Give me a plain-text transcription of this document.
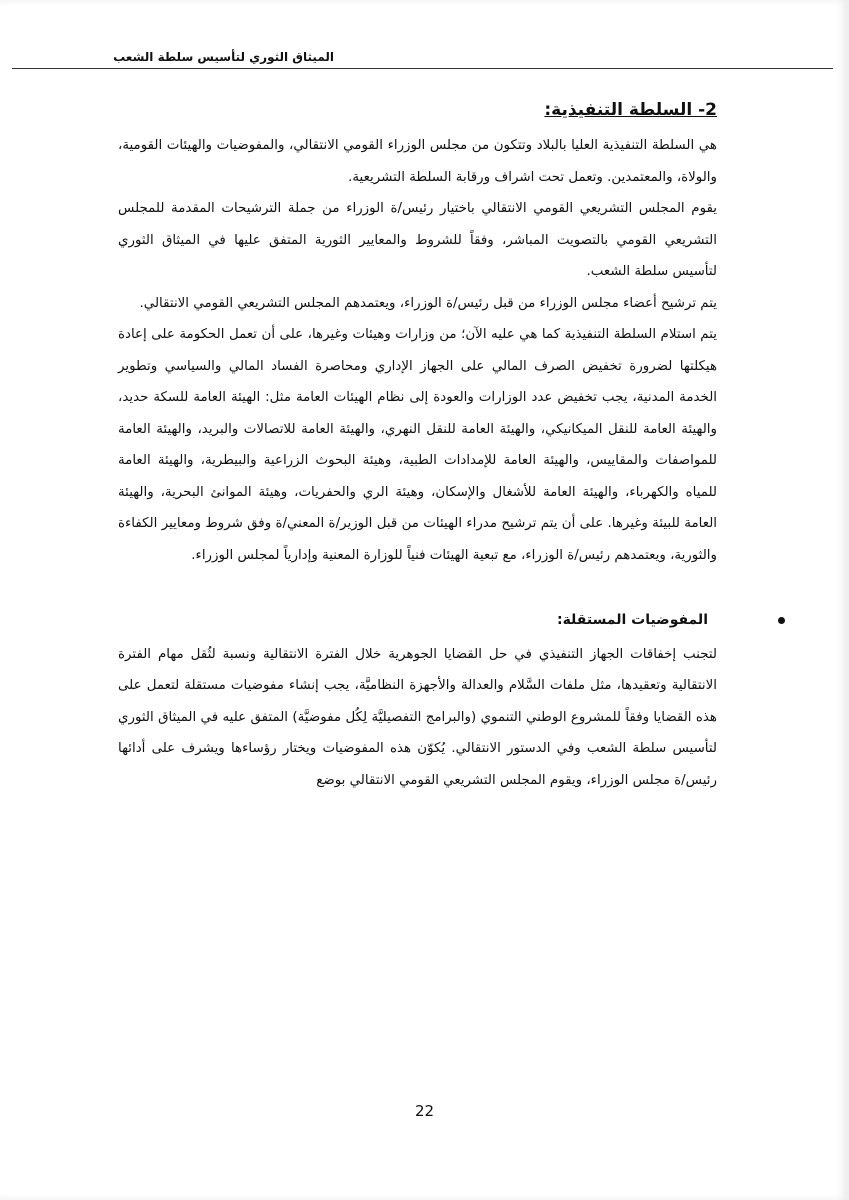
الميثاق الثوري لتأسيس سلطة الشعب
2- السلطة التنفيذية:

هي السلطة التنفيذية العليا بالبلاد وتتكون من مجلس الوزراء القومي الانتقالي، والمفوضيات والهيئات القومية، والولاة، والمعتمدين. وتعمل تحت اشراف ورقابة السلطة التشريعية.

يقوم المجلس التشريعي القومي الانتقالي باختيار رئيس/ة الوزراء من جملة الترشيحات المقدمة للمجلس التشريعي القومي بالتصويت المباشر، وفقاً للشروط والمعايير الثورية المتفق عليها في الميثاق الثوري لتأسيس سلطة الشعب.

يتم ترشيح أعضاء مجلس الوزراء من قبل رئيس/ة الوزراء، ويعتمدهم المجلس التشريعي القومي الانتقالي.

يتم استلام السلطة التنفيذية كما هي عليه الآن؛ من وزارات وهيئات وغيرها، على أن تعمل الحكومة على إعادة هيكلتها لضرورة تخفيض الصرف المالي على الجهاز الإداري ومحاصرة الفساد المالي والسياسي وتطوير الخدمة المدنية، يجب تخفيض عدد الوزارات والعودة إلى نظام الهيئات العامة مثل: الهيئة العامة للسكة حديد، والهيئة العامة للنقل الميكانيكي، والهيئة العامة للنقل النهري، والهيئة العامة للاتصالات والبريد، والهيئة العامة للمواصفات والمقاييس، والهيئة العامة للإمدادات الطبية، وهيئة البحوث الزراعية والبيطرية، والهيئة العامة للمياه والكهرباء، والهيئة العامة للأشغال والإسكان، وهيئة الري والحفريات، وهيئة الموانئ البحرية، والهيئة العامة للبيئة وغيرها. على أن يتم ترشيح مدراء الهيئات من قبل الوزير/ة المعني/ة وفق شروط ومعايير الكفاءة والثورية، ويعتمدهم رئيس/ة الوزراء، مع تبعية الهيئات فنياً للوزارة المعنية وإدارياً لمجلس الوزراء.

المفوضيات المستقلة:

لتجنب إخفاقات الجهاز التنفيذي في حل القضايا الجوهرية خلال الفترة الانتقالية ونسبة لثُقل مهام الفترة الانتقالية وتعقيدها، مثل ملفات السَّلام والعدالة والأجهزة النظاميَّة، يجب إنشاء مفوضيات مستقلة لتعمل على هذه القضايا وفقاً للمشروع الوطني التنموي (والبرامج التفصيليَّة لِكُل مفوضيَّة) المتفق عليه في الميثاق الثوري لتأسيس سلطة الشعب وفي الدستور الانتقالي. يُكوّن هذه المفوضيات ويختار رؤساءها ويشرف على أدائها رئيس/ة مجلس الوزراء، ويقوم المجلس التشريعي القومي الانتقالي بوضع

22
